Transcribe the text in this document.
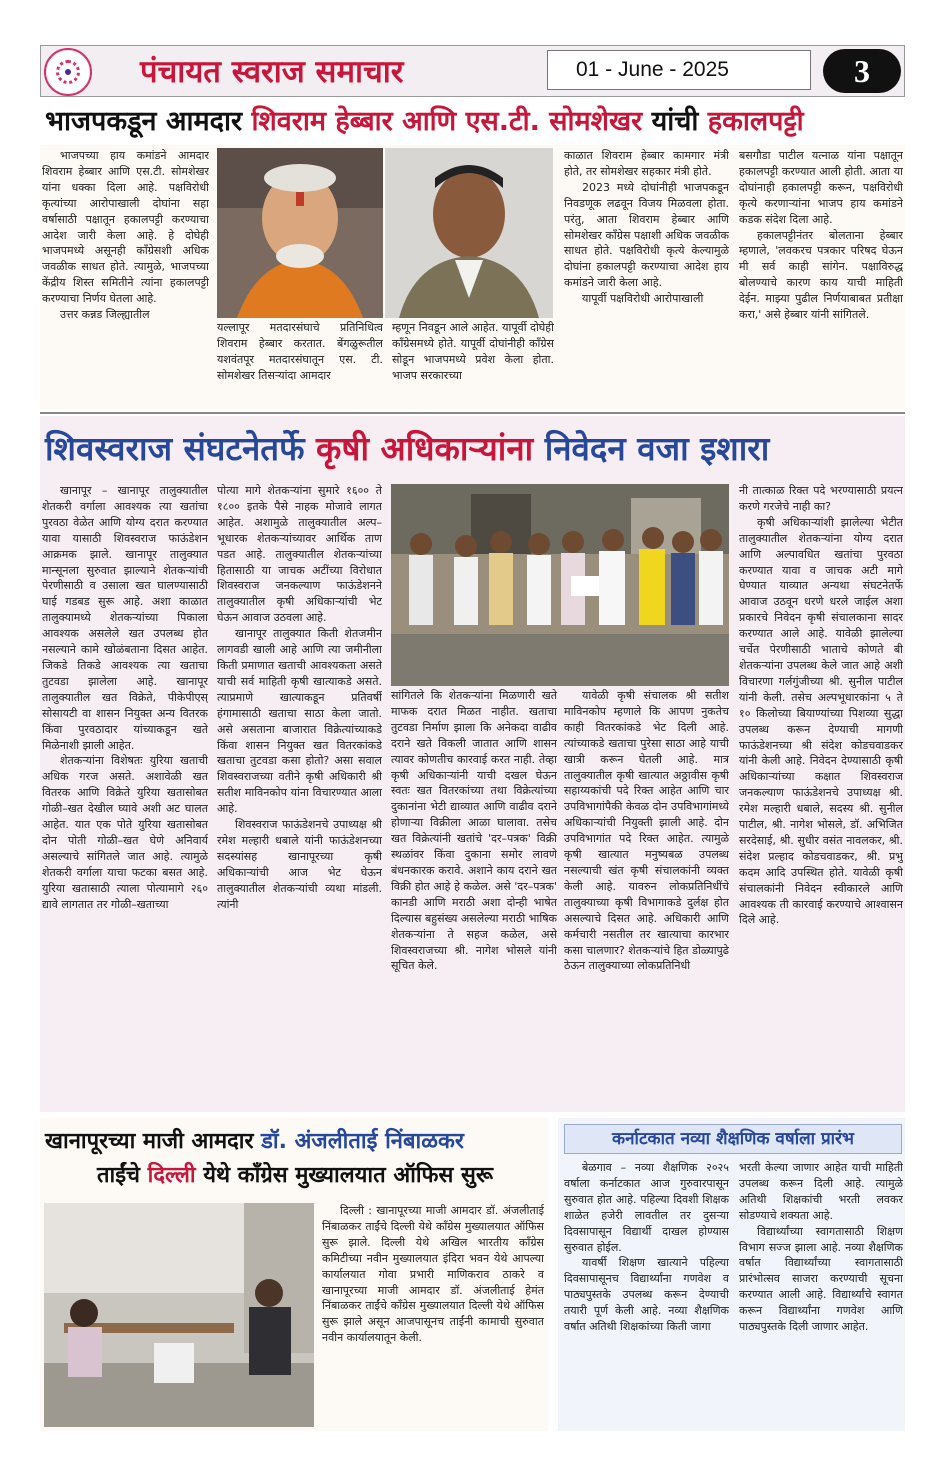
पंचायत स्वराज समाचार	01 - June - 2025	3
भाजपकडून आमदार शिवराम हेब्बार आणि एस.टी. सोमशेखर यांची हकालपट्टी

भाजपच्या हाय कमांडने आमदार शिवराम हेब्बार आणि एस.टी. सोमशेखर यांना धक्का दिला आहे. पक्षविरोधी कृत्यांच्या आरोपाखाली दोघांना सहा वर्षासाठी पक्षातून हकालपट्टी करण्याचा आदेश जारी केला आहे. हे दोघेही भाजपमध्ये असूनही कॉंग्रेसशी अधिक जवळीक साधत होते. त्यामुळे, भाजपच्या केंद्रीय शिस्त समितीने त्यांना हकालपट्टी करण्याचा निर्णय घेतला आहे.

उत्तर कन्नड जिल्ह्यातील

यल्लापूर मतदारसंघाचे प्रतिनिधित्व शिवराम हेब्बार करतात. बेंगळुरूतील यशवंतपूर मतदारसंघातून एस. टी. सोमशेखर तिसऱ्यांदा आमदार

म्हणून निवडून आले आहेत. यापूर्वी दोघेही कॉंग्रेसमध्ये होते. यापूर्वी दोघांनीही कॉंग्रेस सोडून भाजपमध्ये प्रवेश केला होता. भाजप सरकारच्या

काळात शिवराम हेब्बार कामगार मंत्री होते, तर सोमशेखर सहकार मंत्री होते.

2023 मध्ये दोघांनीही भाजपकडून निवडणूक लढवून विजय मिळवला होता. परंतु, आता शिवराम हेब्बार आणि सोमशेखर कॉंग्रेस पक्षाशी अधिक जवळीक साधत होते. पक्षविरोधी कृत्ये केल्यामुळे दोघांना हकालपट्टी करण्याचा आदेश हाय कमांडने जारी केला आहे.

यापूर्वी पक्षविरोधी आरोपाखाली

बसगौडा पाटील यत्नाळ यांना पक्षातून हकालपट्टी करण्यात आली होती. आता या दोघांनाही हकालपट्टी करून, पक्षविरोधी कृत्ये करणाऱ्यांना भाजप हाय कमांडने कडक संदेश दिला आहे.

हकालपट्टीनंतर बोलताना हेब्बार म्हणाले, 'लवकरच पत्रकार परिषद घेऊन मी सर्व काही सांगेन. पक्षाविरुद्ध बोलण्याचे कारण काय याची माहिती देईन. माझ्या पुढील निर्णयाबाबत प्रतीक्षा करा,' असे हेब्बार यांनी सांगितले.

शिवस्वराज संघटनेतर्फे कृषी अधिकाऱ्यांना निवेदन वजा इशारा

खानापूर – खानापूर तालुक्यातील शेतकरी वर्गाला आवश्यक त्या खतांचा पुरवठा वेळेत आणि योग्य दरात करण्यात यावा यासाठी शिवस्वराज फाऊंडेशन आक्रमक झाले. खानापूर तालुक्यात मान्सूनला सुरुवात झाल्याने शेतकऱ्यांची पेरणीसाठी व उसाला खत घालण्यासाठी घाई गडबड सुरू आहे. अशा काळात तालुक्यामध्ये शेतकऱ्यांच्या पिकाला आवश्यक असलेले खत उपलब्ध होत नसल्याने कामे खोळंबताना दिसत आहेत. जिकडे तिकडे आवश्यक त्या खताचा तुटवडा झालेला आहे. खानापूर तालुक्यातील खत विक्रेते, पीकेपीएस् सोसायटी वा शासन नियुक्त अन्य वितरक किंवा पुरवठादार यांच्याकडून खते मिळेनाशी झाली आहेत.

शेतकऱ्यांना विशेषतः युरिया खताची अधिक गरज असते. अशावेळी खत वितरक आणि विक्रेते युरिया खतासोबत गोळी–खत देखील घ्यावे अशी अट घालत आहेत. यात एक पोते युरिया खतासोबत दोन पोती गोळी–खत घेणे अनिवार्य असल्याचे सांगितले जात आहे. त्यामुळे शेतकरी वर्गाला याचा फटका बसत आहे. युरिया खतासाठी त्याला पोत्यामागे २६० द्यावे लागतात तर गोळी–खताच्या

पोत्या मागे शेतकऱ्यांना सुमारे १६०० ते १८०० इतके पैसे नाहक मोजावे लागत आहेत. अशामुळे तालुक्यातील अल्प–भूधारक शेतकऱ्यांच्यावर आर्थिक ताण पडत आहे. तालुक्यातील शेतकऱ्यांच्या हितासाठी या जाचक अटींच्या विरोधात शिवस्वराज जनकल्याण फाऊंडेशनने तालुक्यातील कृषी अधिकाऱ्यांची भेट घेऊन आवाज उठवला आहे.

खानापूर तालुक्यात किती शेतजमीन लागवडी खाली आहे आणि त्या जमीनीला किती प्रमाणात खताची आवश्यकता असते याची सर्व माहिती कृषी खात्याकडे असते. त्याप्रमाणे खात्याकडून प्रतिवर्षी हंगामासाठी खताचा साठा केला जातो. असे असताना बाजारात विक्रेत्यांच्याकडे किंवा शासन नियुक्त खत वितरकांकडे खताचा तुटवडा कसा होतो? असा सवाल शिवस्वराजच्या वतीने कृषी अधिकारी श्री सतीश माविनकोप यांना विचारण्यात आला आहे.

शिवस्वराज फाऊंडेशनचे उपाध्यक्ष श्री रमेश मल्हारी धबाले यांनी फाऊंडेशनच्या सदस्यांसह खानापूरच्या कृषी अधिकाऱ्यांची आज भेट घेऊन तालुक्यातील शेतकऱ्यांची व्यथा मांडली. त्यांनी

सांगितले कि शेतकऱ्यांना मिळणारी खते माफक दरात मिळत नाहीत. खताचा तुटवडा निर्माण झाला कि अनेकदा वाढीव दराने खते विकली जातात आणि शासन त्यावर कोणतीच कारवाई करत नाही. तेव्हा कृषी अधिकाऱ्यांनी याची दखल घेऊन स्वतः खत वितरकांच्या तथा विक्रेत्यांच्या दुकानांना भेटी द्याव्यात आणि वाढीव दराने होणाऱ्या विक्रीला आळा घालावा. तसेच खत विक्रेत्यांनी खतांचे 'दर–पत्रक' विक्री स्थळांवर किंवा दुकाना समोर लावणे बंधनकारक करावे. अशाने काय दराने खत विक्री होत आहे हे कळेल. असे 'दर–पत्रक' कानडी आणि मराठी अशा दोन्ही भाषेत दिल्यास बहुसंख्य असलेल्या मराठी भाषिक शेतकऱ्यांना ते सहज कळेल, असे शिवस्वराजच्या श्री. नागेश भोसले यांनी सूचित केले.

यावेळी कृषी संचालक श्री सतीश माविनकोप म्हणाले कि आपण नुकतेच काही वितरकांकडे भेट दिली आहे. त्यांच्याकडे खताचा पुरेसा साठा आहे याची खात्री करून घेतली आहे. मात्र तालुक्यातील कृषी खात्यात अठ्ठावीस कृषी सहाय्यकांची पदे रिक्त आहेत आणि चार उपविभागांपैकी केवळ दोन उपविभागांमध्ये अधिकाऱ्यांची नियुक्ती झाली आहे. दोन उपविभागांत पदे रिक्त आहेत. त्यामुळे कृषी खात्यात मनुष्यबळ उपलब्ध नसल्याची खंत कृषी संचालकांनी व्यक्त केली आहे. यावरुन लोकप्रतिनिधींचे तालुक्याच्या कृषी विभागाकडे दुर्लक्ष होत असल्याचे दिसत आहे. अधिकारी आणि कर्मचारी नसतील तर खात्याचा कारभार कसा चालणार? शेतकऱ्यांचे हित डोळ्यापुढे ठेऊन तालुक्याच्या लोकप्रतिनिधी

नी तात्काळ रिक्त पदे भरण्यासाठी प्रयत्न करणे गरजेचे नाही का?

कृषी अधिकाऱ्यांशी झालेल्या भेटीत तालुक्यातील शेतकऱ्यांना योग्य दरात आणि अल्पावधित खतांचा पुरवठा करण्यात यावा व जाचक अटी मागे घेण्यात याव्यात अन्यथा संघटनेतर्फे आवाज उठवून धरणे धरले जाईल अशा प्रकारचे निवेदन कृषी संचालकाना सादर करण्यात आले आहे. यावेळी झालेल्या चर्चेत पेरणीसाठी भाताचे कोणते बी शेतकऱ्यांना उपलब्ध केले जात आहे अशी विचारणा गर्लगुंजीच्या श्री. सुनील पाटील यांनी केली. तसेच अल्पभूधारकांना ५ ते १० किलोच्या बियाण्यांच्या पिशव्या सुद्धा उपलब्ध करून देण्याची मागणी फाऊंडेशनच्या श्री संदेश कोडचवाडकर यांनी केली आहे. निवेदन देण्यासाठी कृषी अधिकाऱ्यांच्या कक्षात शिवस्वराज जनकल्याण फाऊंडेशनचे उपाध्यक्ष श्री. रमेश मल्हारी धबाले, सदस्य श्री. सुनील पाटील, श्री. नागेश भोसले, डॉ. अभिजित सरदेसाई, श्री. सुधीर वसंत नावलकर, श्री. संदेश प्रल्हाद कोडचवाडकर, श्री. प्रभु कदम आदि उपस्थित होते. यावेळी कृषी संचालकांनी निवेदन स्वीकारले आणि आवश्यक ती कारवाई करण्याचे आश्वासन दिले आहे.

खानापूरच्या माजी आमदार डॉ. अंजलीताई निंबाळकर
ताईंचे दिल्ली येथे कॉंग्रेस मुख्यालयात ऑफिस सुरू

दिल्ली : खानापूरच्या माजी आमदार डॉ. अंजलीताई निंबाळकर ताईंचे दिल्ली येथे कॉंग्रेस मुख्यालयात ऑफिस सुरू झाले. दिल्ली येथे अखिल भारतीय कॉंग्रेस कमिटीच्या नवीन मुख्यालयात इंदिरा भवन येथे आपल्या कार्यालयात गोवा प्रभारी माणिकराव ठाकरे व खानापूरच्या माजी आमदार डॉ. अंजलीताई हेमंत निंबाळकर ताईंचे कॉंग्रेस मुख्यालयात दिल्ली येथे ऑफिस सुरू झाले असून आजपासूनच ताईंनी कामाची सुरुवात नवीन कार्यालयातून केली.

कर्नाटकात नव्या शैक्षणिक वर्षाला प्रारंभ

बेळगाव – नव्या शैक्षणिक २०२५ वर्षाला कर्नाटकात आज गुरुवारपासून सुरुवात होत आहे. पहिल्या दिवशी शिक्षक शाळेत हजेरी लावतील तर दुसऱ्या दिवसापासून विद्यार्थी दाखल होण्यास सुरुवात होईल.

यावर्षी शिक्षण खात्याने पहिल्या दिवसापासूनच विद्यार्थ्यांना गणवेश व पाठ्यपुस्तके उपलब्ध करून देण्याची तयारी पूर्ण केली आहे. नव्या शैक्षणिक वर्षात अतिथी शिक्षकांच्या किती जागा

भरती केल्या जाणार आहेत याची माहिती उपलब्ध करून दिली आहे. त्यामुळे अतिथी शिक्षकांची भरती लवकर सोडण्याचे शक्यता आहे.

विद्यार्थ्यांच्या स्वागतासाठी शिक्षण विभाग सज्ज झाला आहे. नव्या शैक्षणिक वर्षात विद्यार्थ्यांच्या स्वागतासाठी प्रारंभोत्सव साजरा करण्याची सूचना करण्यात आली आहे. विद्यार्थ्यांचे स्वागत करून विद्यार्थ्यांना गणवेश आणि पाठ्यपुस्तके दिली जाणार आहेत.
